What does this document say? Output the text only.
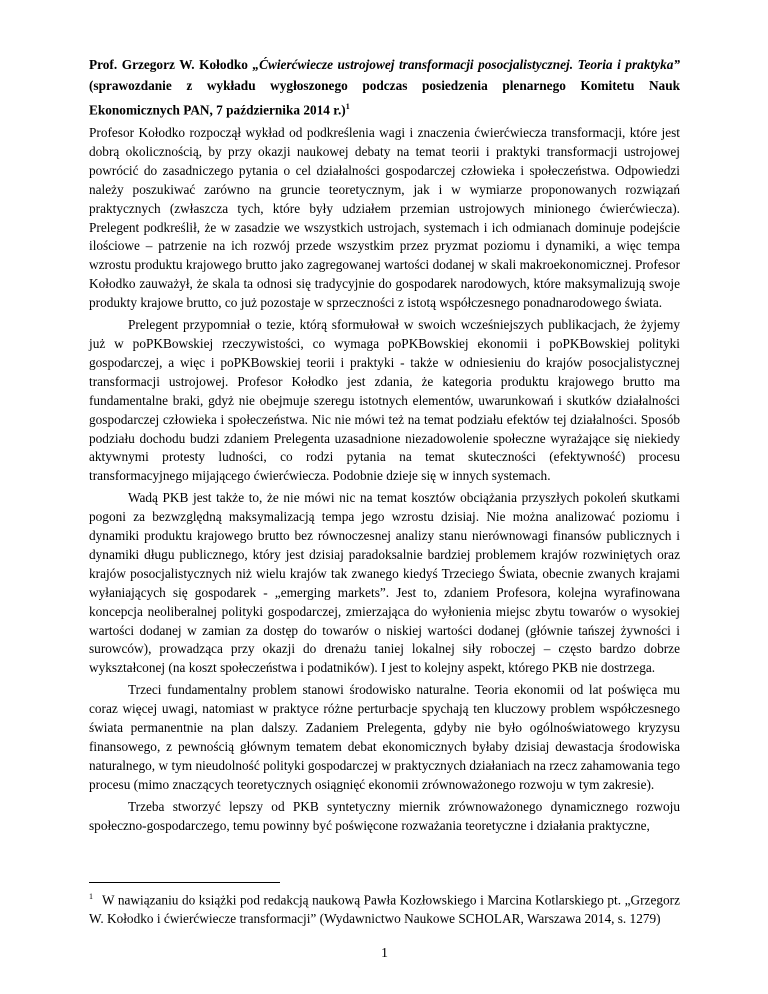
Prof. Grzegorz W. Kołodko „Ćwierćwiecze ustrojowej transformacji posocjalistycznej. Teoria i praktyka” (sprawozdanie z wykładu wygłoszonego podczas posiedzenia plenarnego Komitetu Nauk Ekonomicznych PAN, 7 października 2014 r.)$^1$

Profesor Kołodko rozpoczął wykład od podkreślenia wagi i znaczenia ćwierćwiecza transformacji, które jest dobrą okolicznością, by przy okazji naukowej debaty na temat teorii i praktyki transformacji ustrojowej powrócić do zasadniczego pytania o cel działalności gospodarczej człowieka i społeczeństwa. Odpowiedzi należy poszukiwać zarówno na gruncie teoretycznym, jak i w wymiarze proponowanych rozwiązań praktycznych (zwłaszcza tych, które były udziałem przemian ustrojowych minionego ćwierćwiecza). Prelegent podkreślił, że w zasadzie we wszystkich ustrojach, systemach i ich odmianach dominuje podejście ilościowe – patrzenie na ich rozwój przede wszystkim przez pryzmat poziomu i dynamiki, a więc tempa wzrostu produktu krajowego brutto jako zagregowanej wartości dodanej w skali makroekonomicznej. Profesor Kołodko zauważył, że skala ta odnosi się tradycyjnie do gospodarek narodowych, które maksymalizują swoje produkty krajowe brutto, co już pozostaje w sprzeczności z istotą współczesnego ponadnarodowego świata.

Prelegent przypomniał o tezie, którą sformułował w swoich wcześniejszych publikacjach, że żyjemy już w poPKBowskiej rzeczywistości, co wymaga poPKBowskiej ekonomii i poPKBowskiej polityki gospodarczej, a więc i poPKBowskiej teorii i praktyki - także w odniesieniu do krajów posocjalistycznej transformacji ustrojowej. Profesor Kołodko jest zdania, że kategoria produktu krajowego brutto ma fundamentalne braki, gdyż nie obejmuje szeregu istotnych elementów, uwarunkowań i skutków działalności gospodarczej człowieka i społeczeństwa. Nic nie mówi też na temat podziału efektów tej działalności. Sposób podziału dochodu budzi zdaniem Prelegenta uzasadnione niezadowolenie społeczne wyrażające się niekiedy aktywnymi protesty ludności, co rodzi pytania na temat skuteczności (efektywność) procesu transformacyjnego mijającego ćwierćwiecza. Podobnie dzieje się w innych systemach.

Wadą PKB jest także to, że nie mówi nic na temat kosztów obciążania przyszłych pokoleń skutkami pogoni za bezwzględną maksymalizacją tempa jego wzrostu dzisiaj. Nie można analizować poziomu i dynamiki produktu krajowego brutto bez równoczesnej analizy stanu nierównowagi finansów publicznych i dynamiki długu publicznego, który jest dzisiaj paradoksalnie bardziej problemem krajów rozwiniętych oraz krajów posocjalistycznych niż wielu krajów tak zwanego kiedyś Trzeciego Świata, obecnie zwanych krajami wyłaniających się gospodarek - „emerging markets”. Jest to, zdaniem Profesora, kolejna wyrafinowana koncepcja neoliberalnej polityki gospodarczej, zmierzająca do wyłonienia miejsc zbytu towarów o wysokiej wartości dodanej w zamian za dostęp do towarów o niskiej wartości dodanej (głównie tańszej żywności i surowców), prowadząca przy okazji do drenażu taniej lokalnej siły roboczej – często bardzo dobrze wykształconej (na koszt społeczeństwa i podatników). I jest to kolejny aspekt, którego PKB nie dostrzega.

Trzeci fundamentalny problem stanowi środowisko naturalne. Teoria ekonomii od lat poświęca mu coraz więcej uwagi, natomiast w praktyce różne perturbacje spychają ten kluczowy problem współczesnego świata permanentnie na plan dalszy. Zadaniem Prelegenta, gdyby nie było ogólnoświatowego kryzysu finansowego, z pewnością głównym tematem debat ekonomicznych byłaby dzisiaj dewastacja środowiska naturalnego, w tym nieudolność polityki gospodarczej w praktycznych działaniach na rzecz zahamowania tego procesu (mimo znaczących teoretycznych osiągnięć ekonomii zrównoważonego rozwoju w tym zakresie).

Trzeba stworzyć lepszy od PKB syntetyczny miernik zrównoważonego dynamicznego rozwoju społeczno-gospodarczego, temu powinny być poświęcone rozważania teoretyczne i działania praktyczne,

$^1$ W nawiązaniu do książki pod redakcją naukową Pawła Kozłowskiego i Marcina Kotlarskiego pt. „Grzegorz W. Kołodko i ćwierćwiecze transformacji” (Wydawnictwo Naukowe SCHOLAR, Warszawa 2014, s. 1279)
1
